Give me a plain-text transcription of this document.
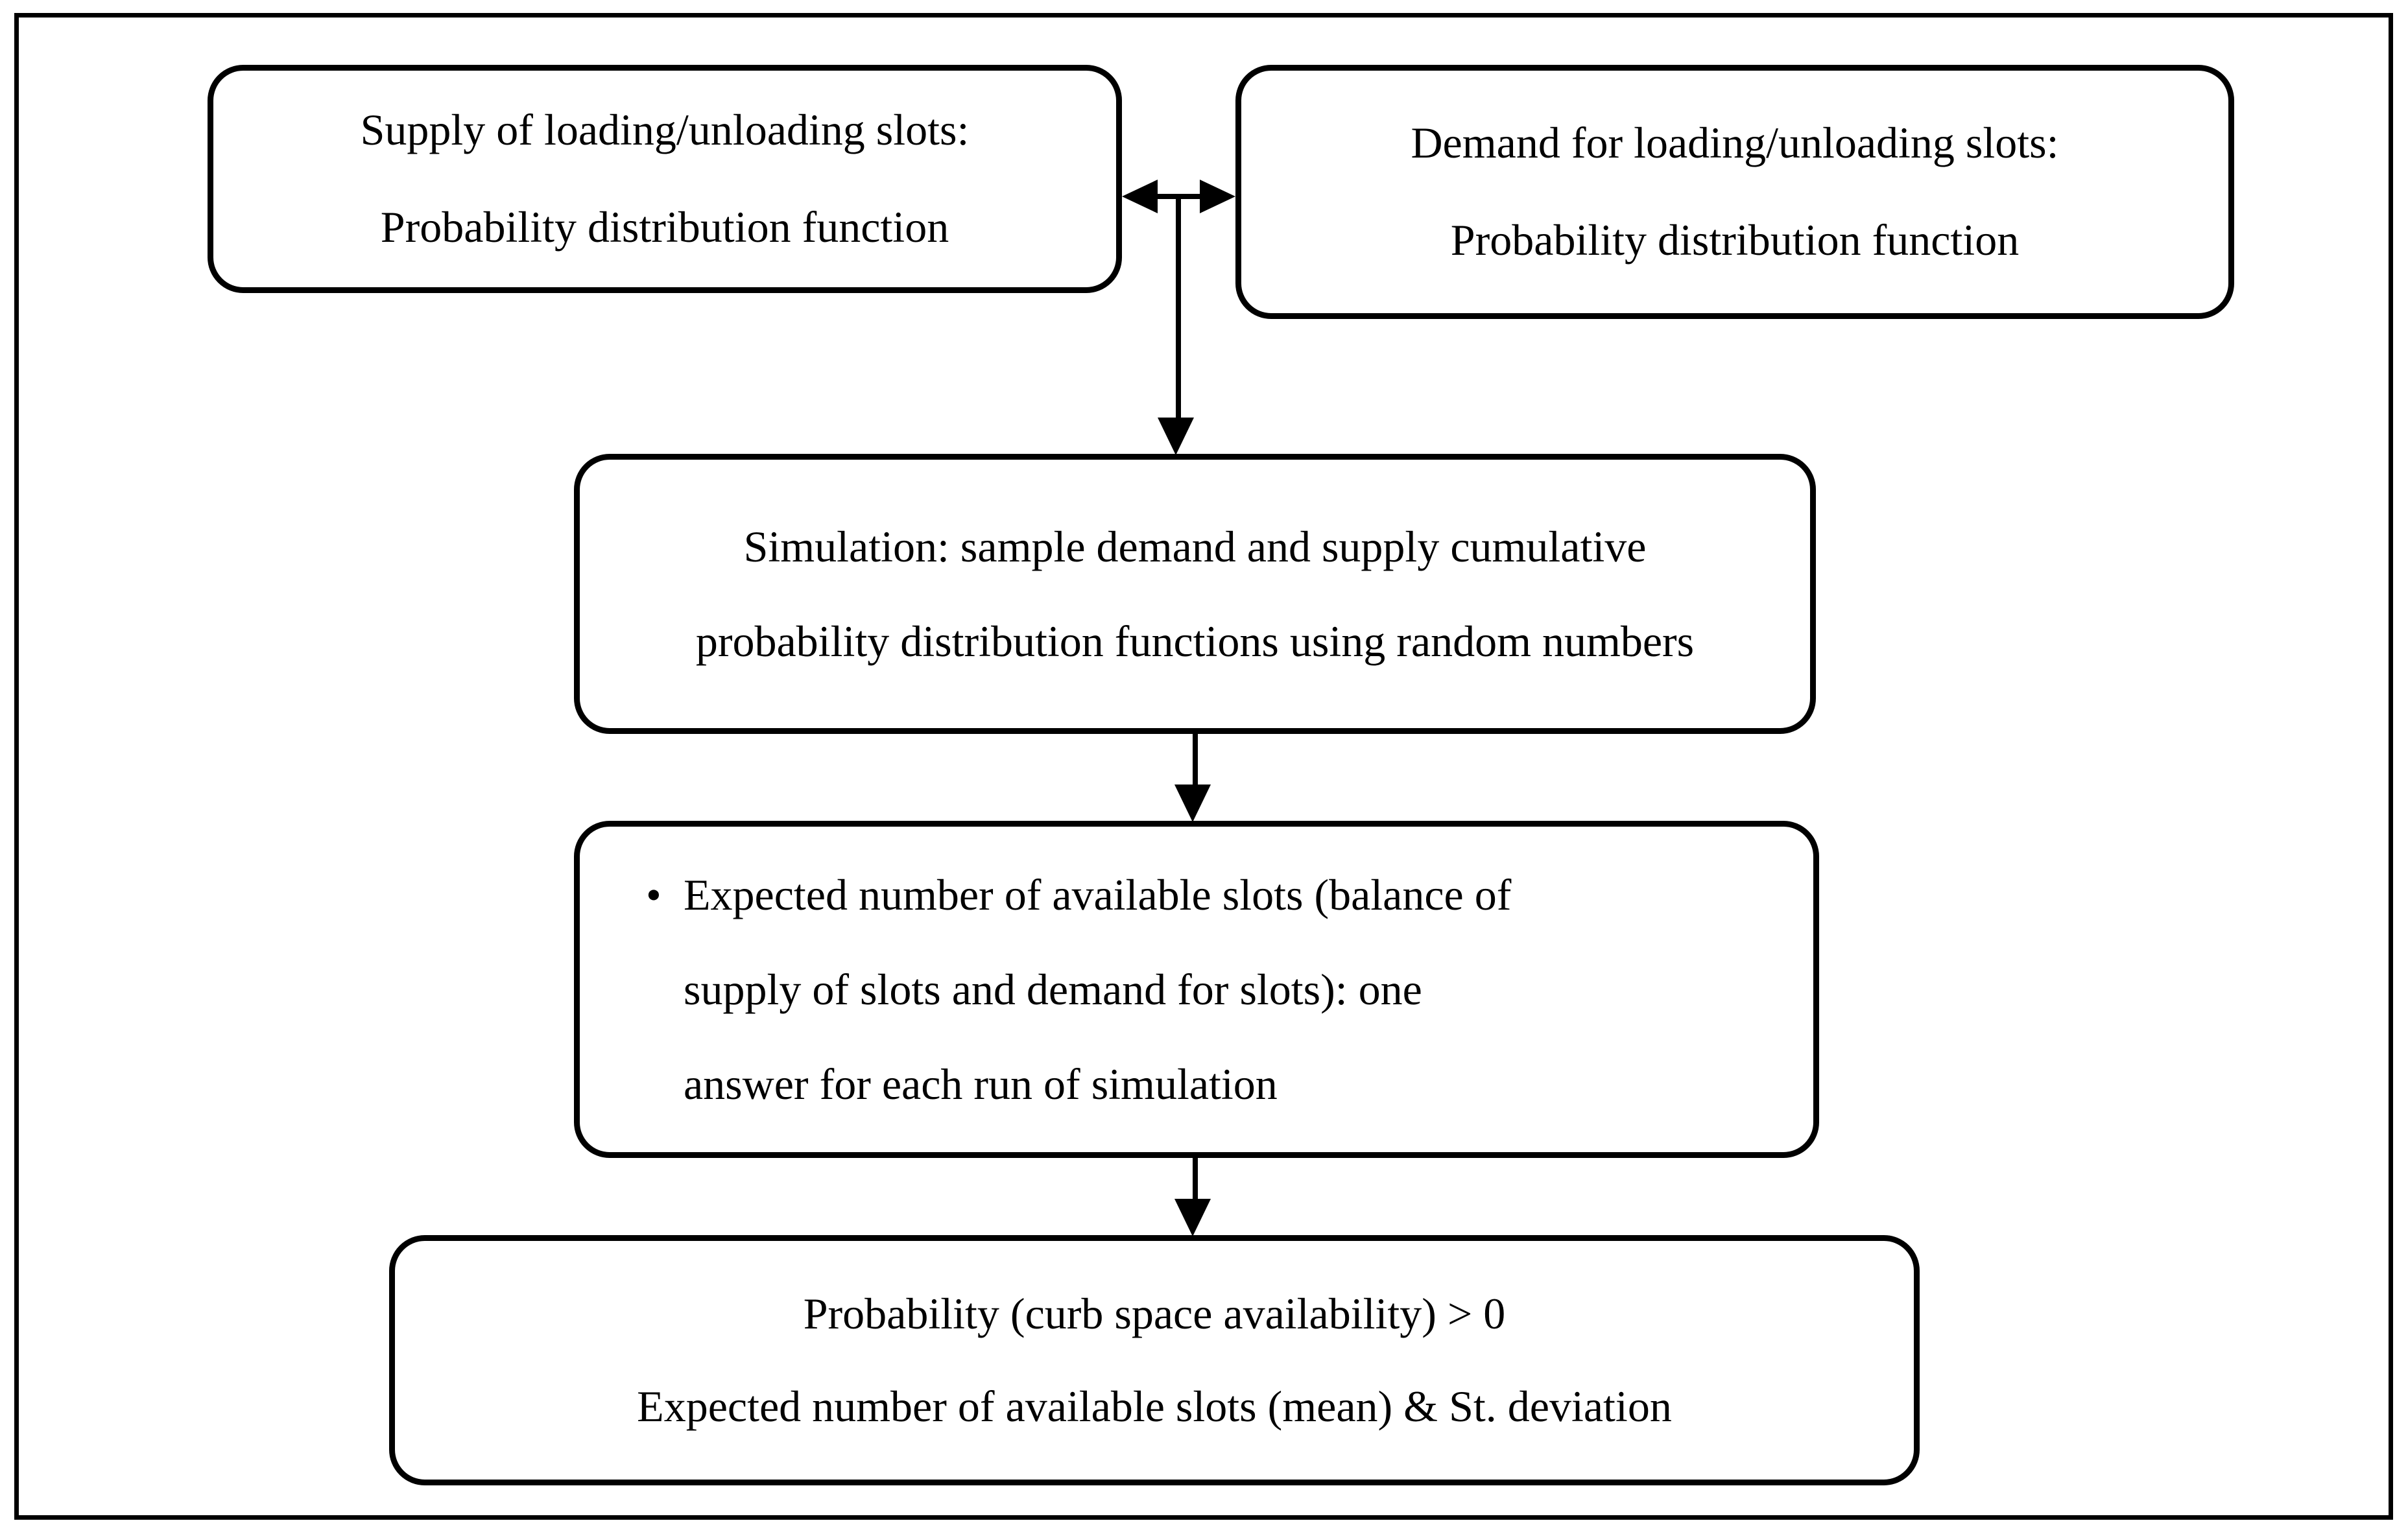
Supply of loading/unloading slots:
Probability distribution function
Demand for loading/unloading slots:
Probability distribution function
Simulation: sample demand and supply cumulative
probability distribution functions using random numbers
• Expected number of available slots (balance of
supply of slots and demand for slots): one
answer for each run of simulation
Probability (curb space availability) > 0
Expected number of available slots (mean) & St. deviation
